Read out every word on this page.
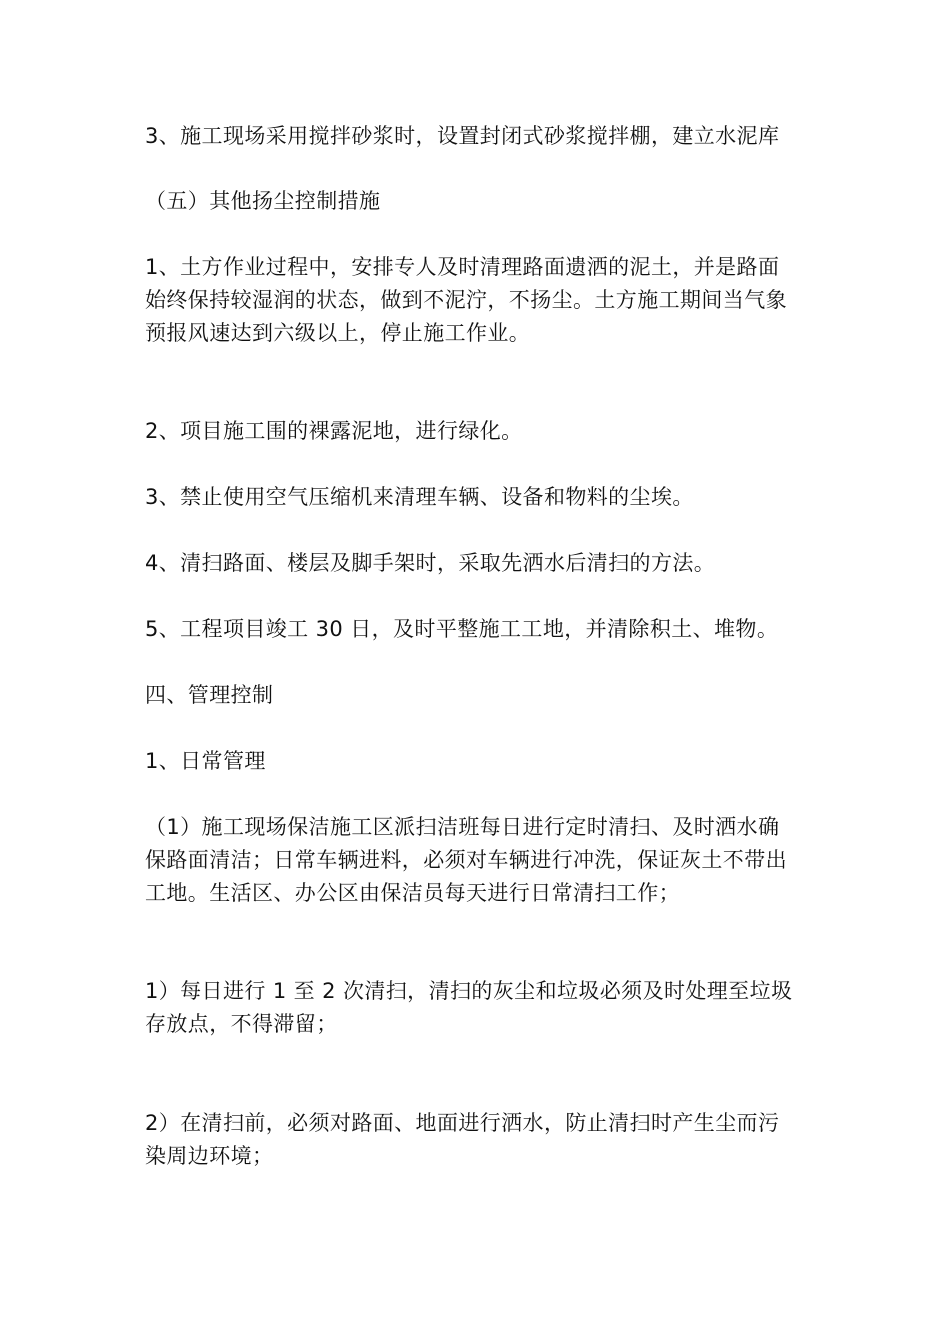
3、施工现场采用搅拌砂浆时，设置封闭式砂浆搅拌棚，建立水泥库

（五）其他扬尘控制措施

1、土方作业过程中，安排专人及时清理路面遗洒的泥土，并是路面
始终保持较湿润的状态，做到不泥泞，不扬尘。土方施工期间当气象
预报风速达到六级以上，停止施工作业。

2、项目施工围的裸露泥地，进行绿化。

3、禁止使用空气压缩机来清理车辆、设备和物料的尘埃。

4、清扫路面、楼层及脚手架时，采取先洒水后清扫的方法。

5、工程项目竣工 30 日，及时平整施工工地，并清除积土、堆物。

四、管理控制

1、日常管理

（1）施工现场保洁施工区派扫洁班每日进行定时清扫、及时洒水确
保路面清洁；日常车辆进料，必须对车辆进行冲洗，保证灰土不带出
工地。生活区、办公区由保洁员每天进行日常清扫工作；

1）每日进行 1 至 2 次清扫，清扫的灰尘和垃圾必须及时处理至垃圾
存放点，不得滞留；

2）在清扫前，必须对路面、地面进行洒水，防止清扫时产生尘而污
染周边环境；
